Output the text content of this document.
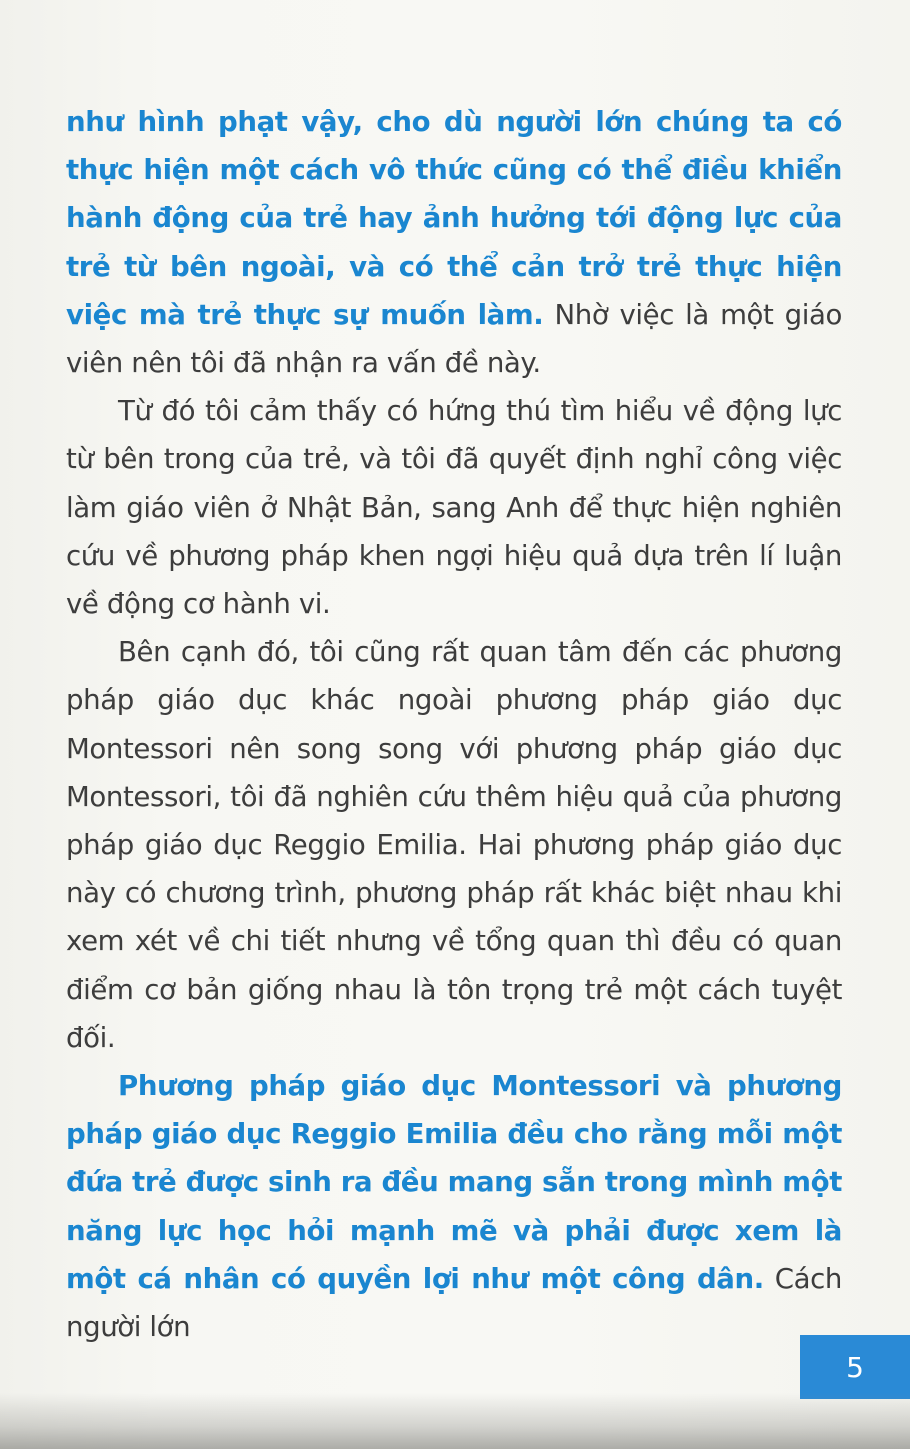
như hình phạt vậy, cho dù người lớn chúng ta có thực hiện một cách vô thức cũng có thể điều khiển hành động của trẻ hay ảnh hưởng tới động lực của trẻ từ bên ngoài, và có thể cản trở trẻ thực hiện việc mà trẻ thực sự muốn làm. Nhờ việc là một giáo viên nên tôi đã nhận ra vấn đề này.

Từ đó tôi cảm thấy có hứng thú tìm hiểu về động lực từ bên trong của trẻ, và tôi đã quyết định nghỉ công việc làm giáo viên ở Nhật Bản, sang Anh để thực hiện nghiên cứu về phương pháp khen ngợi hiệu quả dựa trên lí luận về động cơ hành vi.

Bên cạnh đó, tôi cũng rất quan tâm đến các phương pháp giáo dục khác ngoài phương pháp giáo dục Montessori nên song song với phương pháp giáo dục Montessori, tôi đã nghiên cứu thêm hiệu quả của phương pháp giáo dục Reggio Emilia. Hai phương pháp giáo dục này có chương trình, phương pháp rất khác biệt nhau khi xem xét về chi tiết nhưng về tổng quan thì đều có quan điểm cơ bản giống nhau là tôn trọng trẻ một cách tuyệt đối.

Phương pháp giáo dục Montessori và phương pháp giáo dục Reggio Emilia đều cho rằng mỗi một đứa trẻ được sinh ra đều mang sẵn trong mình một năng lực học hỏi mạnh mẽ và phải được xem là một cá nhân có quyền lợi như một công dân. Cách người lớn

5
